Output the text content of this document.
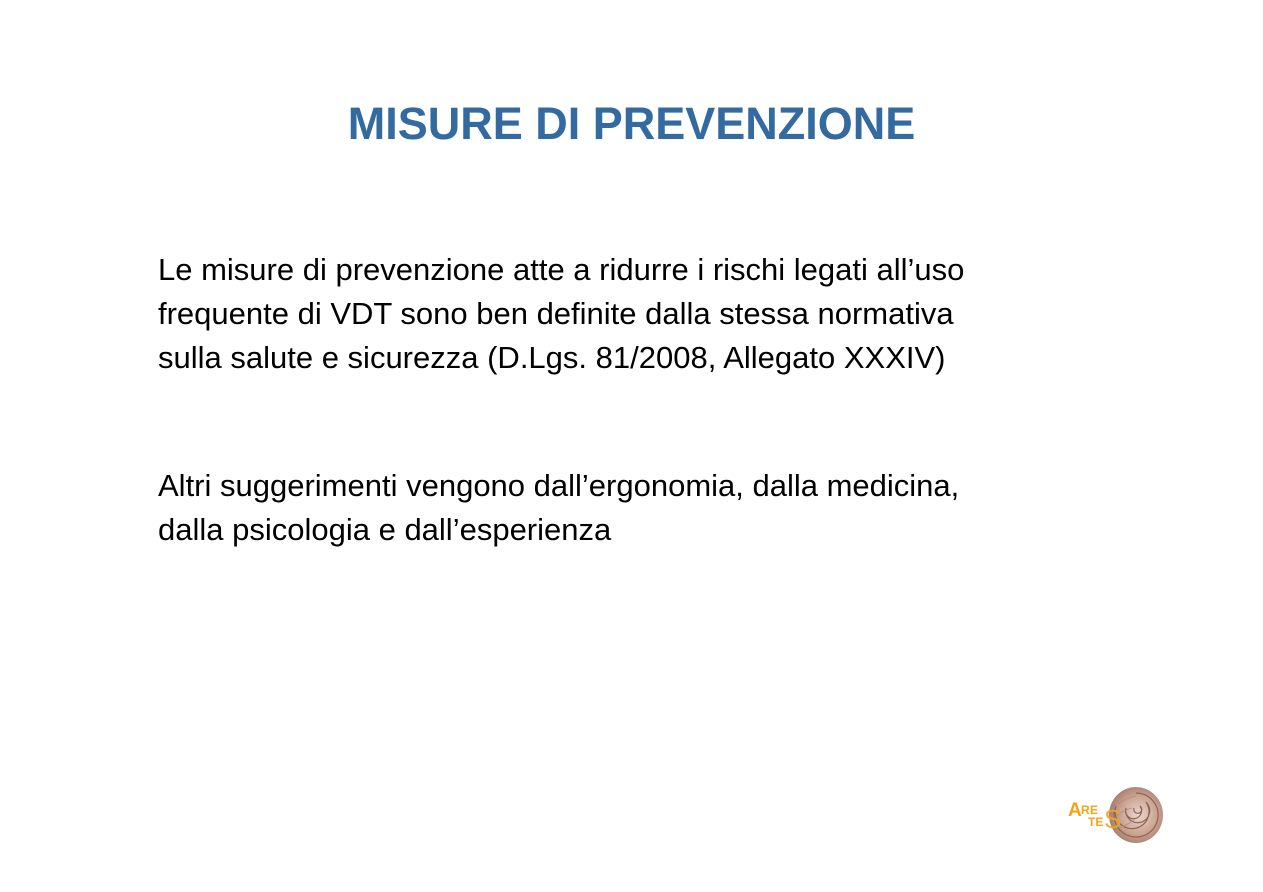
MISURE DI PREVENZIONE

Le misure di prevenzione atte a ridurre i rischi legati all’uso
frequente di VDT sono ben definite dalla stessa normativa
sulla salute e sicurezza (D.Lgs. 81/2008, Allegato XXXIV)

Altri suggerimenti vengono dall’ergonomia, dalla medicina,
dalla psicologia e dall’esperienza

A R E
TE S
